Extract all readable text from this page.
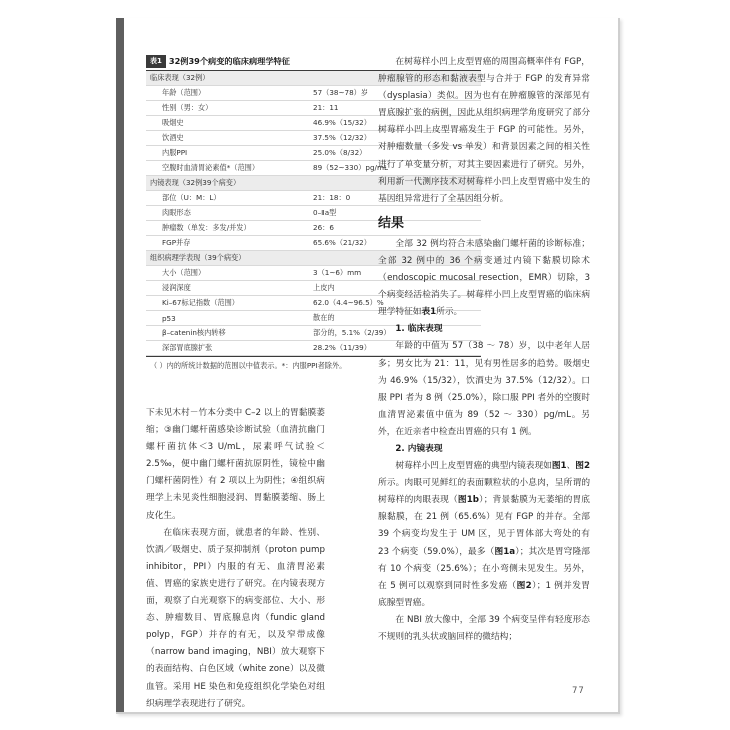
表1 32例39个病变的临床病理学特征
临床表现（32例）
年龄（范围）	57（38~78）岁
性别（男：女）	21：11
吸烟史	46.9%（15/32）
饮酒史	37.5%（12/32）
内服PPI	25.0%（8/32）
空腹时血清胃泌素值*（范围）	89（52~330）pg/mL
内镜表现（32例39个病变）
部位（U：M：L）	21：18：0
肉眼形态	0–Ⅱa型
肿瘤数（单发：多发/并发）	26：6
FGP并存	65.6%（21/32）
组织病理学表现（39个病变）
大小（范围）	3（1~6）mm
浸润深度	上皮内
Ki–67标记指数（范围）	62.0（4.4~96.5）%
p53	散在的
β–catenin核内转移	部分的，5.1%（2/39）
深部胃底腺扩张	28.2%（11/39）
（ ）内的所统计数据的范围以中值表示。*：内服PPI者除外。

下未见木村－竹本分类中 C–2 以上的胃黏膜萎缩；③幽门螺杆菌感染诊断试验（血清抗幽门螺杆菌抗体＜3 U/mL，尿素呼气试验＜2.5‰，便中幽门螺杆菌抗原阴性，镜检中幽门螺杆菌阴性）有 2 项以上为阴性；④组织病理学上未见炎性细胞浸润、胃黏膜萎缩、肠上皮化生。

在临床表现方面，就患者的年龄、性别、饮酒／吸烟史、质子泵抑制剂（proton pump inhibitor，PPI）内服的有无、血清胃泌素值、胃癌的家族史进行了研究。在内镜表现方面，观察了白光观察下的病变部位、大小、形态、肿瘤数目、胃底腺息肉（fundic gland polyp，FGP）并存的有无，以及窄带成像（narrow band imaging，NBI）放大观察下的表面结构、白色区域（white zone）以及微血管。采用 HE 染色和免疫组织化学染色对组织病理学表现进行了研究。

在树莓样小凹上皮型胃癌的周围高概率伴有 FGP，肿瘤腺管的形态和黏液表型与合并于 FGP 的发育异常（dysplasia）类似。因为也有在肿瘤腺管的深部见有胃底腺扩张的病例，因此从组织病理学角度研究了部分树莓样小凹上皮型胃癌发生于 FGP 的可能性。另外，对肿瘤数量（多发 vs 单发）和背景因素之间的相关性进行了单变量分析，对其主要因素进行了研究。另外，利用新一代测序技术对树莓样小凹上皮型胃癌中发生的基因组异常进行了全基因组分析。

结果

全部 32 例均符合未感染幽门螺杆菌的诊断标准；全部 32 例中的 36 个病变通过内镜下黏膜切除术（endoscopic mucosal resection，EMR）切除，3 个病变经活检消失了。树莓样小凹上皮型胃癌的临床病理学特征如表1所示。

1. 临床表现

年龄的中值为 57（38 ～ 78）岁，以中老年人居多；男女比为 21：11，见有男性居多的趋势。吸烟史为 46.9%（15/32），饮酒史为 37.5%（12/32）。口服 PPI 者为 8 例（25.0%），除口服 PPI 者外的空腹时血清胃泌素值中值为 89（52 ～ 330）pg/mL。另外，在近亲者中检查出胃癌的只有 1 例。

2. 内镜表现

树莓样小凹上皮型胃癌的典型内镜表现如图1、图2所示。肉眼可见鲜红的表面颗粒状的小息肉，呈所谓的树莓样的肉眼表现（图1b）；背景黏膜为无萎缩的胃底腺黏膜，在 21 例（65.6%）见有 FGP 的并存。全部 39 个病变均发生于 UM 区，见于胃体部大弯处的有 23 个病变（59.0%），最多（图1a）；其次是胃穹隆部有 10 个病变（25.6%）；在小弯侧未见发生。另外，在 5 例可以观察到同时性多发癌（图2）；1 例并发胃底腺型胃癌。

在 NBI 放大像中，全部 39 个病变呈伴有轻度形态不规则的乳头状或脑回样的微结构；

77
